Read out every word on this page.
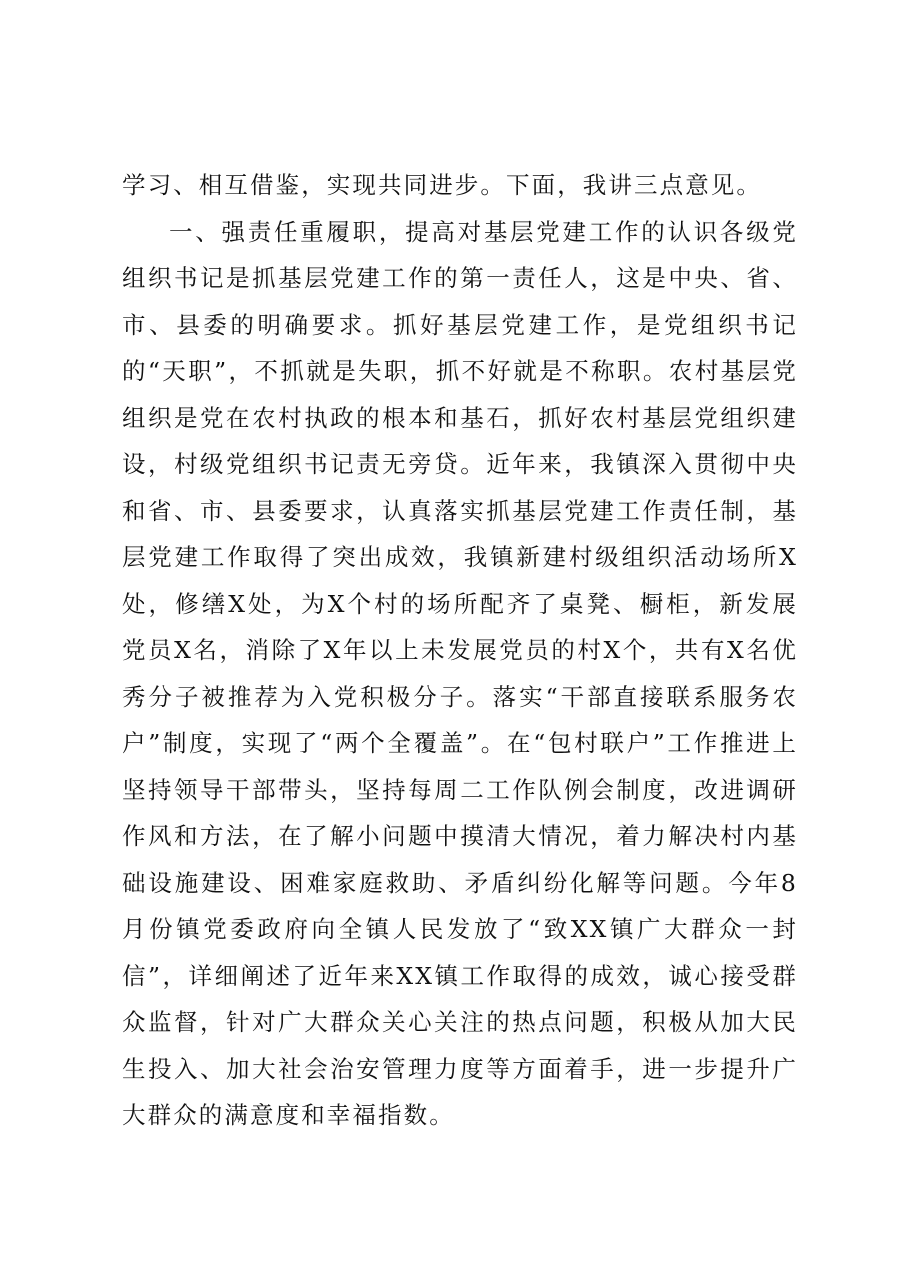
学习、相互借鉴，实现共同进步。下面，我讲三点意见。

一、强责任重履职，提高对基层党建工作的认识各级党组织书记是抓基层党建工作的第一责任人，这是中央、省、市、县委的明确要求。抓好基层党建工作，是党组织书记的“天职”，不抓就是失职，抓不好就是不称职。农村基层党组织是党在农村执政的根本和基石，抓好农村基层党组织建设，村级党组织书记责无旁贷。近年来，我镇深入贯彻中央和省、市、县委要求，认真落实抓基层党建工作责任制，基层党建工作取得了突出成效，我镇新建村级组织活动场所X处，修缮X处，为X个村的场所配齐了桌凳、橱柜，新发展党员X名，消除了X年以上未发展党员的村X个，共有X名优秀分子被推荐为入党积极分子。落实“干部直接联系服务农户”制度，实现了“两个全覆盖”。在“包村联户”工作推进上坚持领导干部带头，坚持每周二工作队例会制度，改进调研作风和方法，在了解小问题中摸清大情况，着力解决村内基础设施建设、困难家庭救助、矛盾纠纷化解等问题。今年8月份镇党委政府向全镇人民发放了“致XX镇广大群众一封信”，详细阐述了近年来XX镇工作取得的成效，诚心接受群众监督，针对广大群众关心关注的热点问题，积极从加大民生投入、加大社会治安管理力度等方面着手，进一步提升广大群众的满意度和幸福指数。
